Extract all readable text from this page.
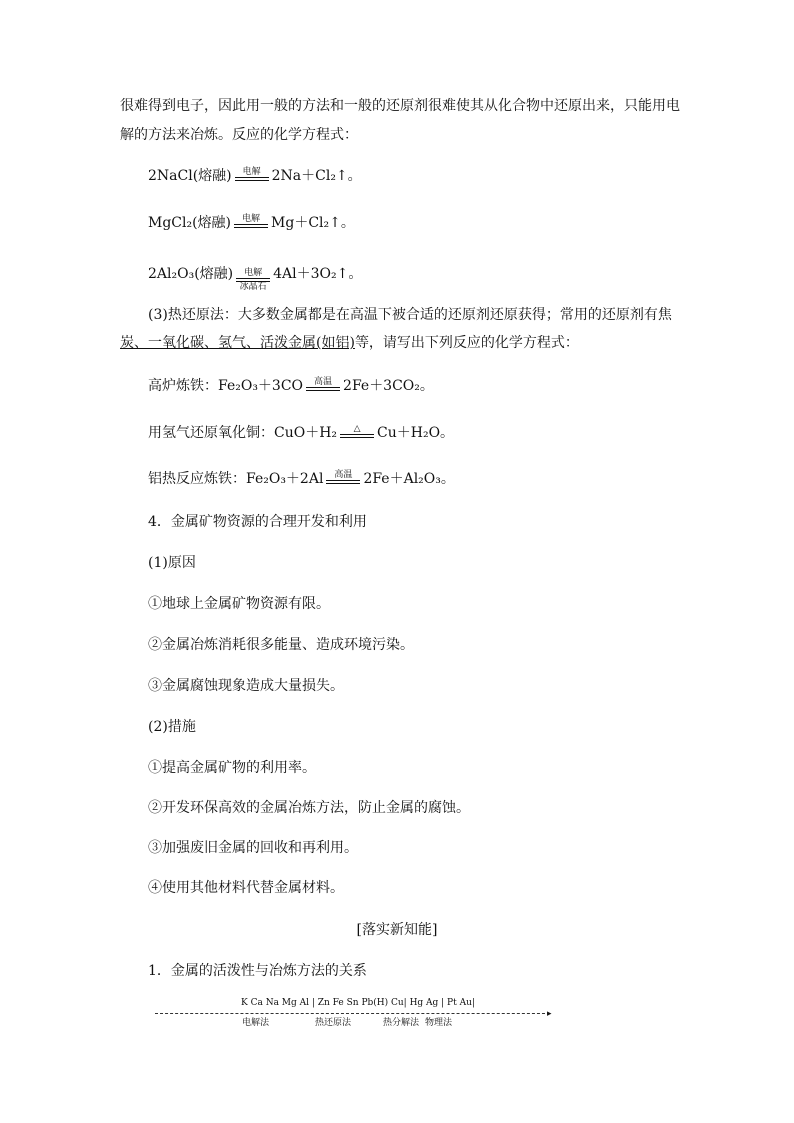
很难得到电子，因此用一般的方法和一般的还原剂很难使其从化合物中还原出来，只能用电解的方法来冶炼。反应的化学方程式：
2NaCl(熔融) 电解 2Na＋Cl₂↑。
MgCl₂(熔融) 电解 Mg＋Cl₂↑。
2Al₂O₃(熔融) 电解
冰晶石
4Al＋3O₂↑。
(3)热还原法：大多数金属都是在高温下被合适的还原剂还原获得；常用的还原剂有焦
炭、一氧化碳、氢气、活泼金属(如铝)等，请写出下列反应的化学方程式：
高炉炼铁： Fe₂O₃＋3CO 高温 2Fe＋3CO₂。
用氢气还原氧化铜： CuO＋H₂ △ Cu＋H₂O。
铝热反应炼铁： Fe₂O₃＋2Al 高温 2Fe＋Al₂O₃。
4．金属矿物资源的合理开发和利用
(1)原因
①地球上金属矿物资源有限。
②金属冶炼消耗很多能量、造成环境污染。
③金属腐蚀现象造成大量损失。
(2)措施
①提高金属矿物的利用率。
②开发环保高效的金属冶炼方法，防止金属的腐蚀。
③加强废旧金属的回收和再利用。
④使用其他材料代替金属材料。
[落实新知能]
1．金属的活泼性与冶炼方法的关系
K Ca Na Mg Al | Zn Fe Sn Pb(H) Cu| Hg Ag | Pt Au|
▸
电解法	热还原法	热分解法 物理法
